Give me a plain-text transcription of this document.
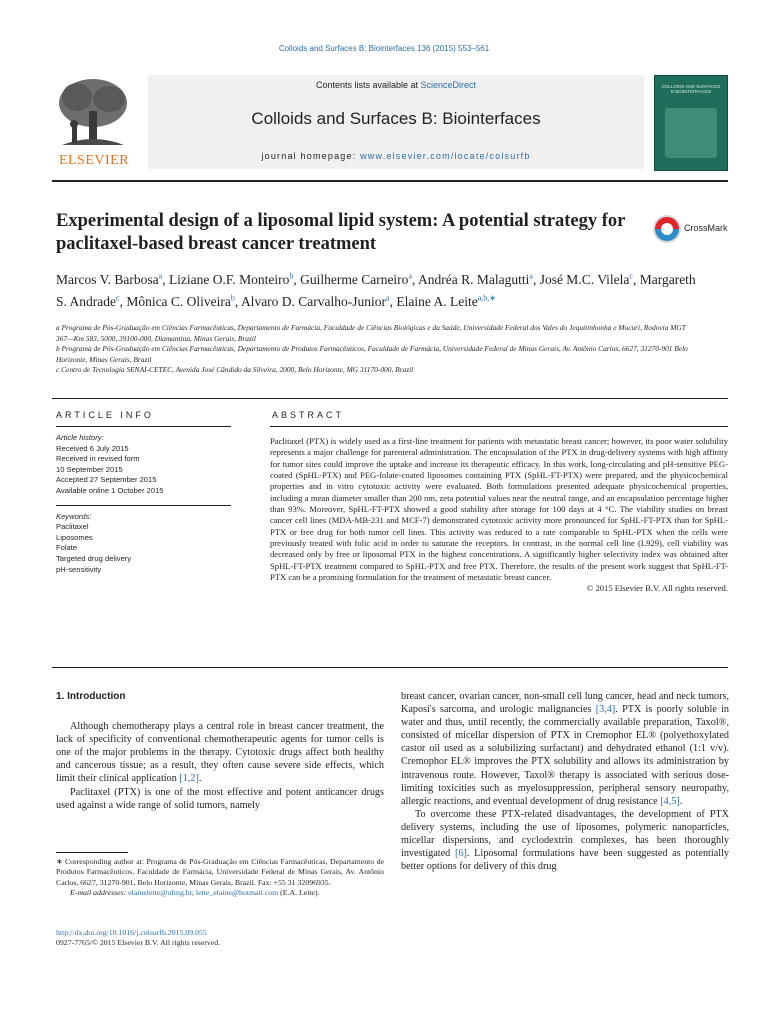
Colloids and Surfaces B: Biointerfaces 136 (2015) 553–561
ELSEVIER
Contents lists available at ScienceDirect
Colloids and Surfaces B: Biointerfaces
journal homepage: www.elsevier.com/locate/colsurfb
COLLOIDS AND SURFACES B BIOINTERFACES
Experimental design of a liposomal lipid system: A potential strategy for paclitaxel-based breast cancer treatment
CrossMark
Marcos V. Barbosa$^a$, Liziane O.F. Monteiro$^b$, Guilherme Carneiro$^a$, Andréa R. Malagutti$^a$, José M.C. Vilela$^c$, Margareth S. Andrade$^c$, Mônica C. Oliveira$^b$, Alvaro D. Carvalho-Junior$^a$, Elaine A. Leite$^{a,b,∗}$
a Programa de Pós-Graduação em Ciências Farmacêuticas, Departamento de Farmácia, Faculdade de Ciências Biológicas e da Saúde, Universidade Federal dos Vales do Jequitinhonha e Mucuri, Rodovia MGT 367—Km 583, 5000, 39100-000, Diamantina, Minas Gerais, Brazil
b Programa de Pós-Graduação em Ciências Farmacêuticas, Departamento de Produtos Farmacêuticos, Faculdade de Farmácia, Universidade Federal de Minas Gerais, Av. Antônio Carlos, 6627, 31270-901 Belo Horizonte, Minas Gerais, Brazil
c Centro de Tecnologia SENAI-CETEC, Avenida José Cândido da Silveira, 2000, Belo Horizonte, MG 31170-000, Brazil
ARTICLE INFO	ABSTRACT
Article history:
Received 6 July 2015
Received in revised form
10 September 2015
Accepted 27 September 2015
Available online 1 October 2015
Keywords:
Paclitaxel
Liposomes
Folate
Targeted drug delivery
pH-sensitivity

Paclitaxel (PTX) is widely used as a first-line treatment for patients with metastatic breast cancer; however, its poor water solubility represents a major challenge for parenteral administration. The encapsulation of the PTX in drug-delivery systems with high affinity for tumor sites could improve the uptake and increase its therapeutic efficacy. In this work, long-circulating and pH-sensitive PEG-coated (SpHL-PTX) and PEG-folate-coated liposomes containing PTX (SpHL-FT-PTX) were prepared, and the physicochemical properties and in vitro cytotoxic activity were evaluated. Both formulations presented adequate physicochemical properties, including a mean diameter smaller than 200 nm, zeta potential values near the neutral range, and an encapsulation percentage higher than 93%. Moreover, SpHL-FT-PTX showed a good stability after storage for 100 days at 4 °C. The viability studies on breast cancer cell lines (MDA-MB-231 and MCF-7) demonstrated cytotoxic activity more pronounced for SpHL-FT-PTX than for SpHL-PTX or free drug for both tumor cell lines. This activity was reduced to a rate comparable to SpHL-PTX when the cells were previously treated with folic acid in order to saturate the receptors. In contrast, in the normal cell line (L929), cell viability was decreased only by free or liposomal PTX in the highest concentrations. A significantly higher selectivity index was obtained after SpHL-FT-PTX treatment compared to SpHL-PTX and free PTX. Therefore, the results of the present work suggest that SpHL-FT-PTX can be a promising formulation for the treatment of metastatic breast cancer.

© 2015 Elsevier B.V. All rights reserved.
1. Introduction

Although chemotherapy plays a central role in breast cancer treatment, the lack of specificity of conventional chemotherapeutic agents for tumor cells is one of the major problems in the therapy. Cytotoxic drugs affect both healthy and cancerous tissue; as a result, they often cause severe side effects, which limit their clinical application [1,2].

Paclitaxel (PTX) is one of the most effective and potent anticancer drugs used against a wide range of solid tumors, namely

breast cancer, ovarian cancer, non-small cell lung cancer, head and neck tumors, Kaposi's sarcoma, and urologic malignancies [3,4]. PTX is poorly soluble in water and thus, until recently, the commercially available preparation, Taxol®, consisted of micellar dispersion of PTX in Cremophor EL® (polyethoxylated castor oil used as a solubilizing surfactant) and dehydrated ethanol (1:1 v/v). Cremophor EL® improves the PTX solubility and allows its administration by intravenous route. However, Taxol® therapy is associated with serious dose-limiting toxicities such as myelosuppression, peripheral sensory neuropathy, allergic reactions, and eventual development of drug resistance [4,5].

To overcome these PTX-related disadvantages, the development of PTX delivery systems, including the use of liposomes, polymeric nanoparticles, micellar dispersions, and cyclodextrin complexes, has been thoroughly investigated [6]. Liposomal formulations have been suggested as potentially better options for delivery of this drug

∗ Corresponding author at: Programa de Pós-Graduação em Ciências Farmacêuticas, Departamento de Produtos Farmacêuticos, Faculdade de Farmácia, Universidade Federal de Minas Gerais, Av. Antônio Carlos, 6627, 31270-901, Belo Horizonte, Minas Gerais, Brazil. Fax: +55 31 32096935.
E-mail addresses: elaineleite@ufmg.br, leite_elaine@hotmail.com (E.A. Leite).
http://dx.doi.org/10.1016/j.colsurfb.2015.09.055
0927-7765/© 2015 Elsevier B.V. All rights reserved.
